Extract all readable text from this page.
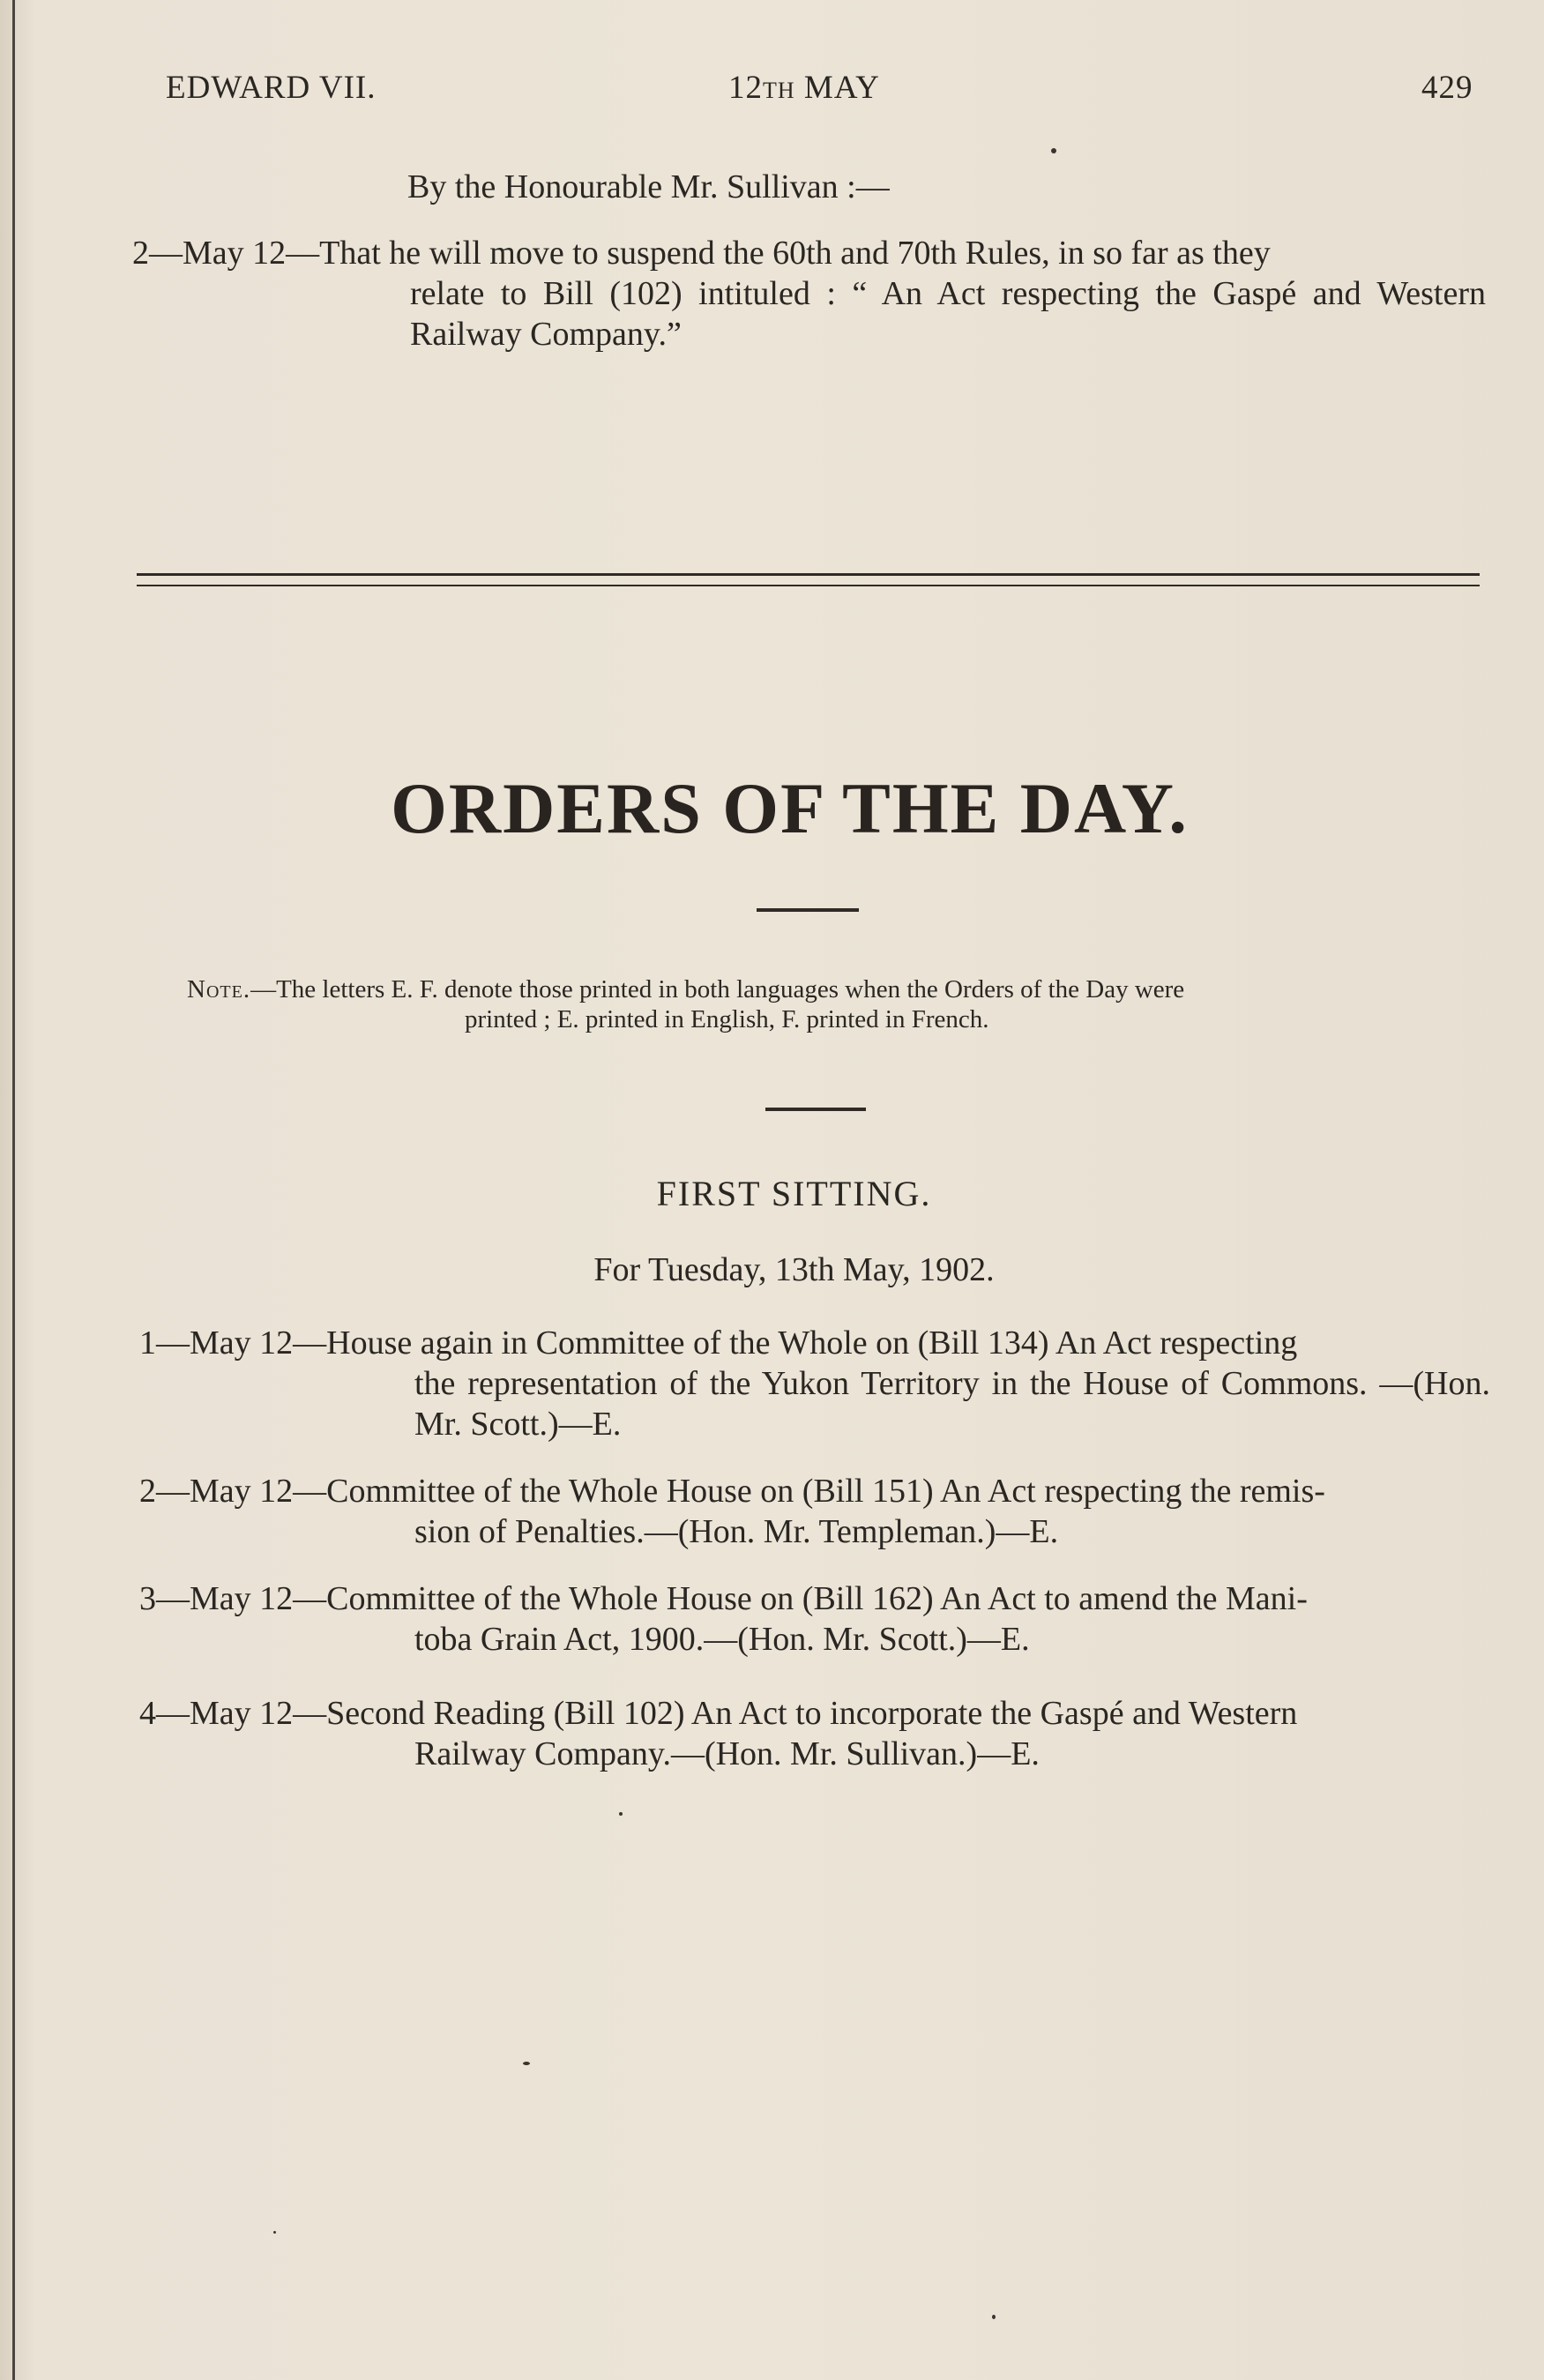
EDWARD VII.	12TH MAY	429
By the Honourable Mr. Sullivan :—
2—May 12—That he will move to suspend the 60th and 70th Rules, in so far as they
relate to Bill (102) intituled : “ An Act respecting the Gaspé and Western Railway Company.”
ORDERS OF THE DAY.
Note.—The letters E. F. denote those printed in both languages when the Orders of the Day were
printed ; E. printed in English, F. printed in French.
FIRST SITTING.
For Tuesday, 13th May, 1902.
1—May 12—House again in Committee of the Whole on (Bill 134) An Act respecting
the representation of the Yukon Territory in the House of Commons. —(Hon. Mr. Scott.)—E.
2—May 12—Committee of the Whole House on (Bill 151) An Act respecting the remis-
sion of Penalties.—(Hon. Mr. Templeman.)—E.
3—May 12—Committee of the Whole House on (Bill 162) An Act to amend the Mani-
toba Grain Act, 1900.—(Hon. Mr. Scott.)—E.
4—May 12—Second Reading (Bill 102) An Act to incorporate the Gaspé and Western
Railway Company.—(Hon. Mr. Sullivan.)—E.
